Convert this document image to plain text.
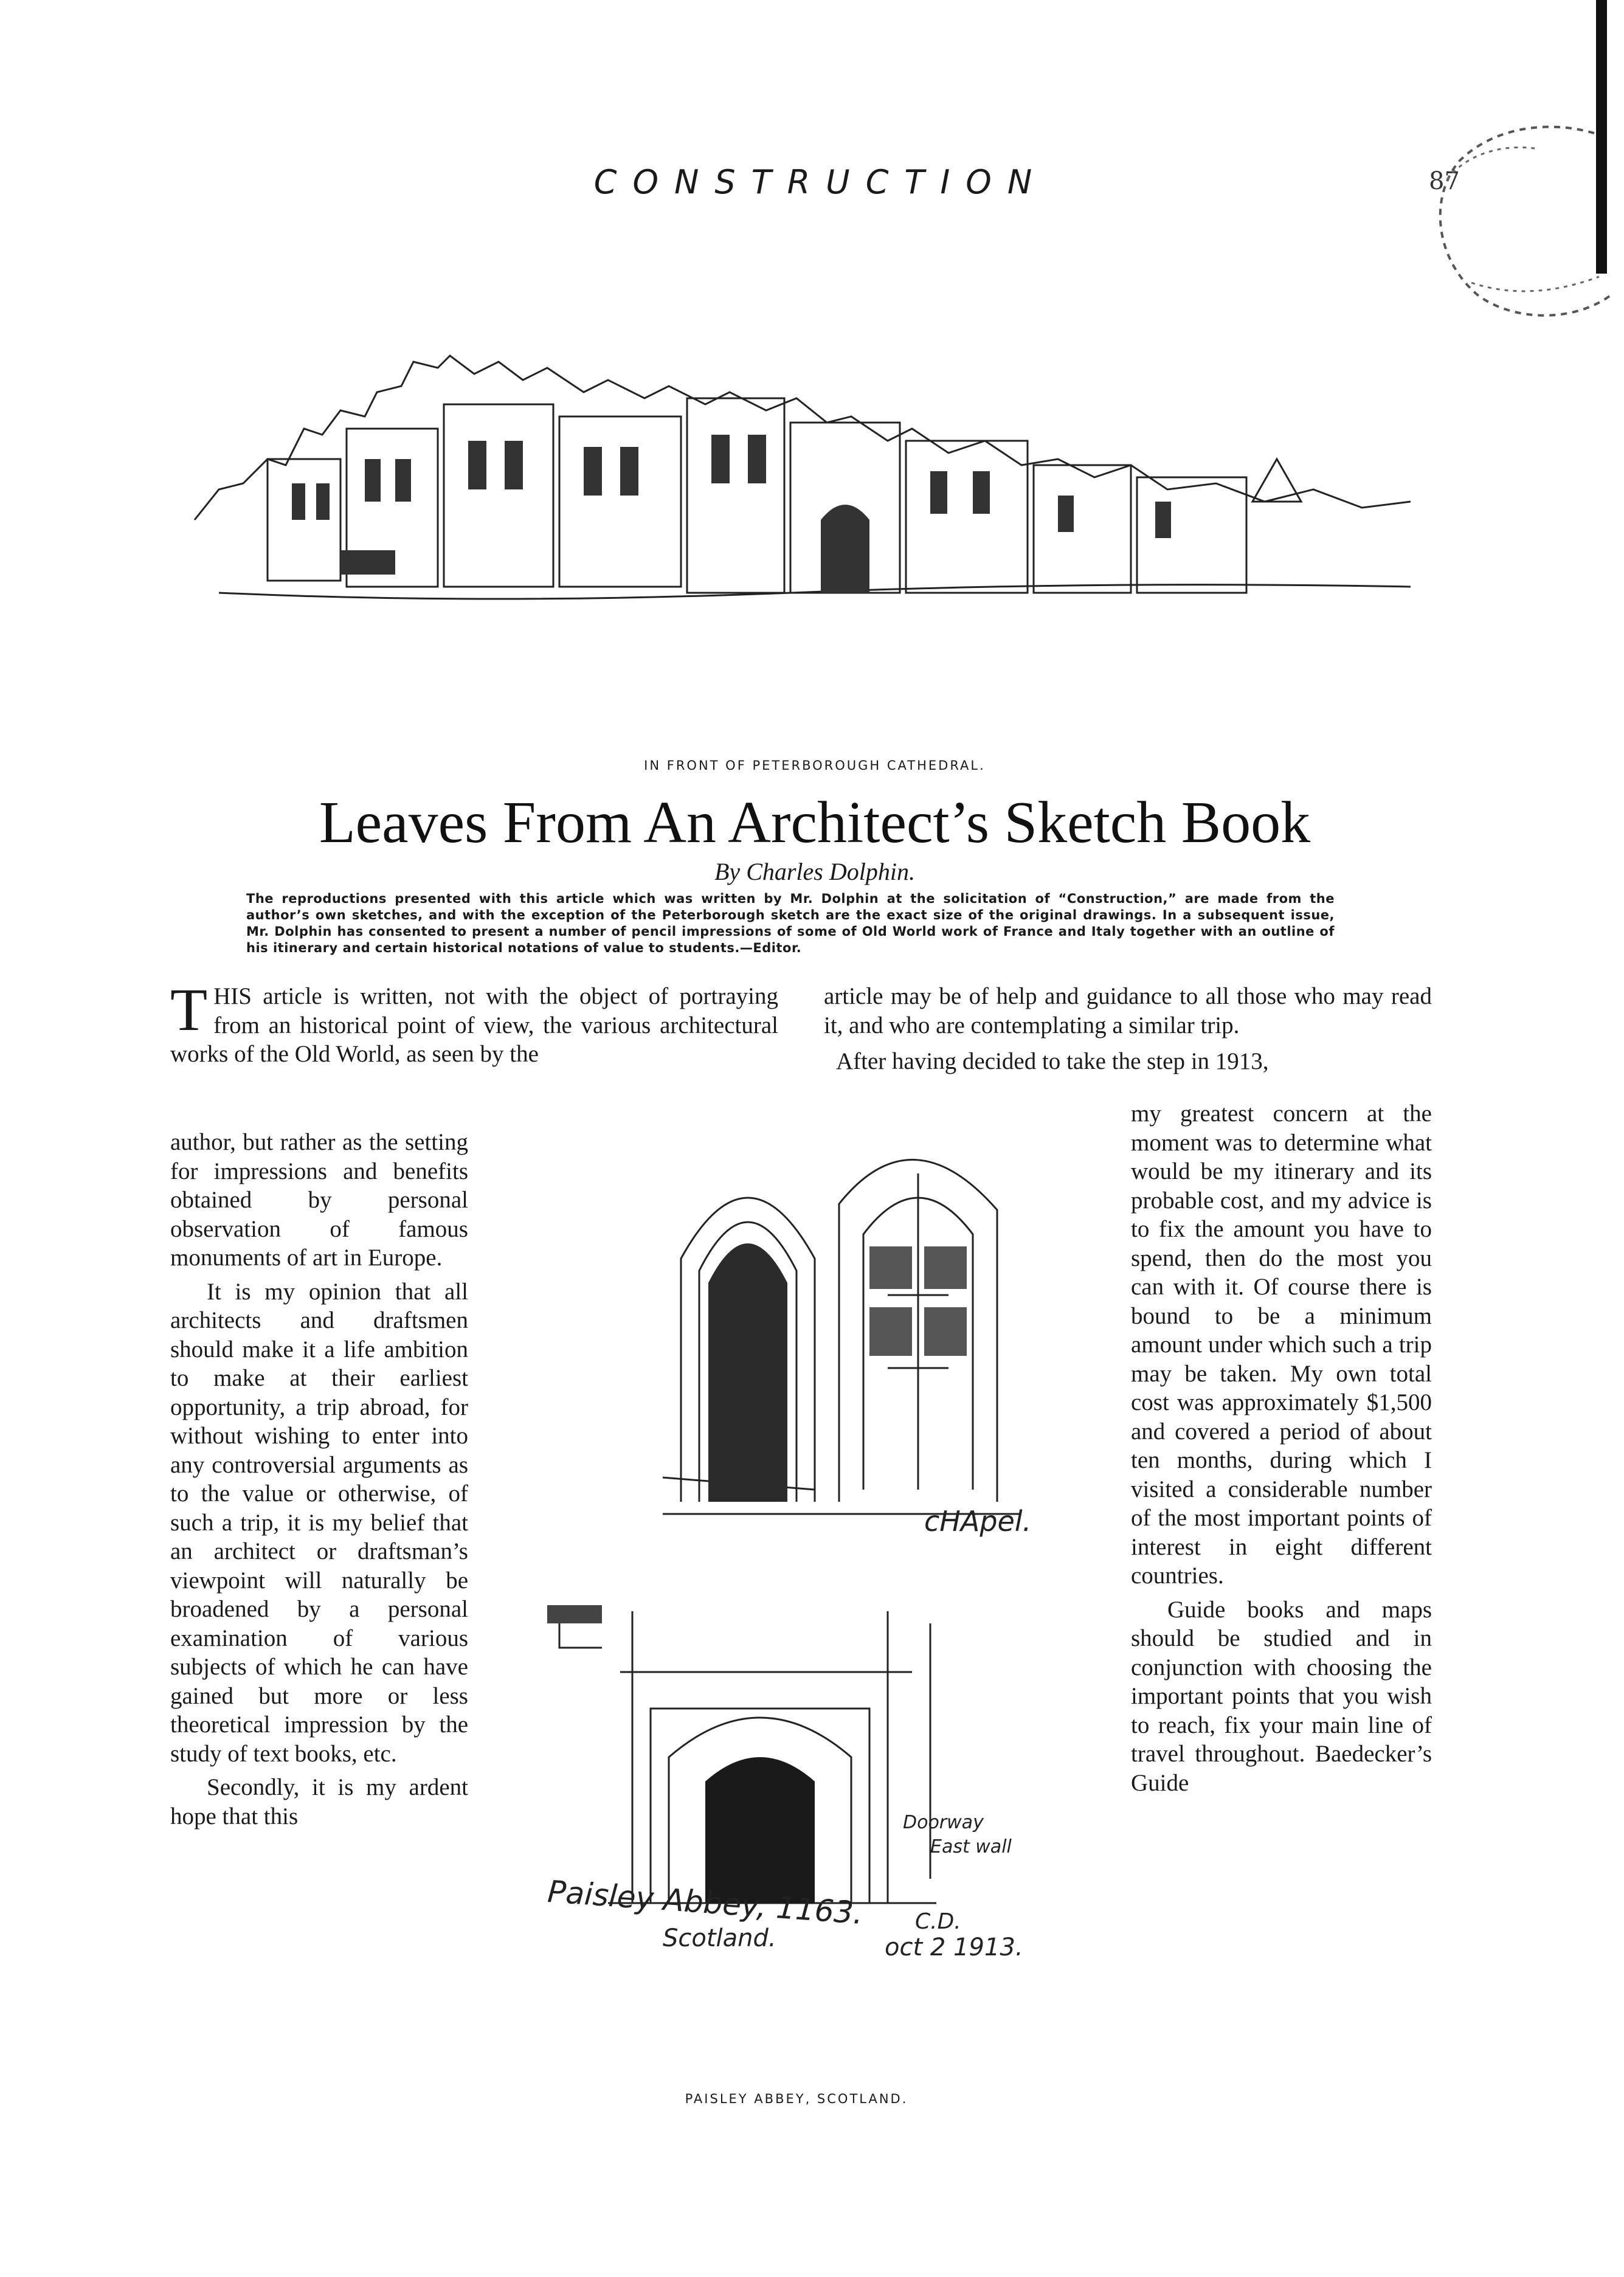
CONSTRUCTION	87
IN FRONT OF PETERBOROUGH CATHEDRAL.
Leaves From An Architect’s Sketch Book
By Charles Dolphin.
The reproductions presented with this article which was written by Mr. Dolphin at the solicitation of “Construction,” are made from the author’s own sketches, and with the exception of the Peterborough sketch are the exact size of the original drawings. In a subsequent issue, Mr. Dolphin has consented to present a number of pencil impressions of some of Old World work of France and Italy together with an outline of his itinerary and certain historical notations of value to students.—Editor.
THIS article is written, not with the object of portraying from an historical point of view, the various architectural works of the Old World, as seen by the

author, but rather as the setting for impressions and benefits obtained by personal observation of famous monuments of art in Europe.

It is my opinion that all architects and draftsmen should make it a life ambition to make at their earliest opportunity, a trip abroad, for without wishing to enter into any controversial arguments as to the value or otherwise, of such a trip, it is my belief that an architect or draftsman’s viewpoint will naturally be broadened by a personal examination of various subjects of which he can have gained but more or less theoretical impression by the study of text books, etc.

Secondly, it is my ardent hope that this

article may be of help and guidance to all those who may read it, and who are contemplating a similar trip.

After having decided to take the step in 1913,

my greatest concern at the moment was to determine what would be my itinerary and its probable cost, and my advice is to fix the amount you have to spend, then do the most you can with it. Of course there is bound to be a minimum amount under which such a trip may be taken. My own total cost was approximately $1,500 and covered a period of about ten months, during which I visited a considerable number of the most important points of interest in eight different countries.

Guide books and maps should be studied and in conjunction with choosing the important points that you wish to reach, fix your main line of travel throughout. Baedecker’s Guide

cHApel.
Doorway
East wall
Paisley Abbey, 1163.
Scotland.
C.D.
oct 2 1913.
PAISLEY ABBEY, SCOTLAND.
